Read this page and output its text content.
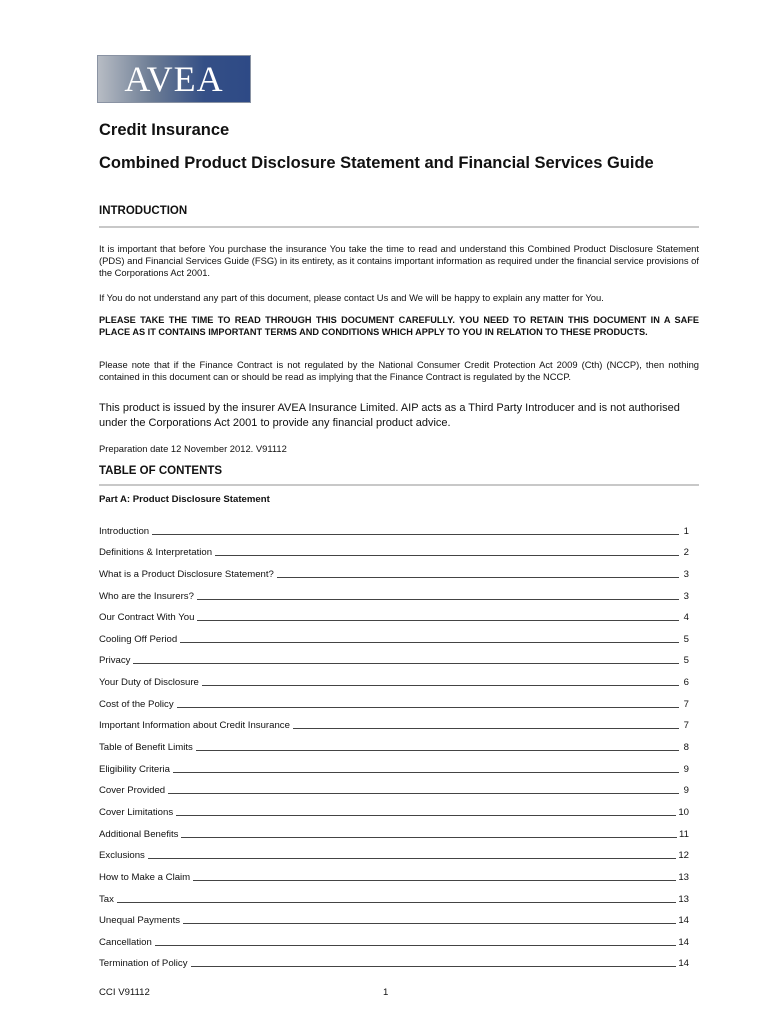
AVEA
Credit Insurance
Combined Product Disclosure Statement and Financial Services Guide
INTRODUCTION

It is important that before You purchase the insurance You take the time to read and understand this Combined Product Disclosure Statement (PDS) and Financial Services Guide (FSG) in its entirety, as it contains important information as required under the financial service provisions of the Corporations Act 2001.

If You do not understand any part of this document, please contact Us and We will be happy to explain any matter for You.

PLEASE TAKE THE TIME TO READ THROUGH THIS DOCUMENT CAREFULLY. YOU NEED TO RETAIN THIS DOCUMENT IN A SAFE PLACE AS IT CONTAINS IMPORTANT TERMS AND CONDITIONS WHICH APPLY TO YOU IN RELATION TO THESE PRODUCTS.

Please note that if the Finance Contract is not regulated by the National Consumer Credit Protection Act 2009 (Cth) (NCCP), then nothing contained in this document can or should be read as implying that the Finance Contract is regulated by the NCCP.

This product is issued by the insurer AVEA Insurance Limited. AIP acts as a Third Party Introducer and is not authorised under the Corporations Act 2001 to provide any financial product advice.

Preparation date 12 November 2012. V91112

TABLE OF CONTENTS

Part A: Product Disclosure Statement

Introduction	1
Definitions & Interpretation	2
What is a Product Disclosure Statement?	3
Who are the Insurers?	3
Our Contract With You	4
Cooling Off Period	5
Privacy	5
Your Duty of Disclosure	6
Cost of the Policy	7
Important Information about Credit Insurance	7
Table of Benefit Limits	8
Eligibility Criteria	9
Cover Provided	9
Cover Limitations	10
Additional Benefits	11
Exclusions	12
How to Make a Claim	13
Tax	13
Unequal Payments	14
Cancellation	14
Termination of Policy	14

CCI V91112	1
